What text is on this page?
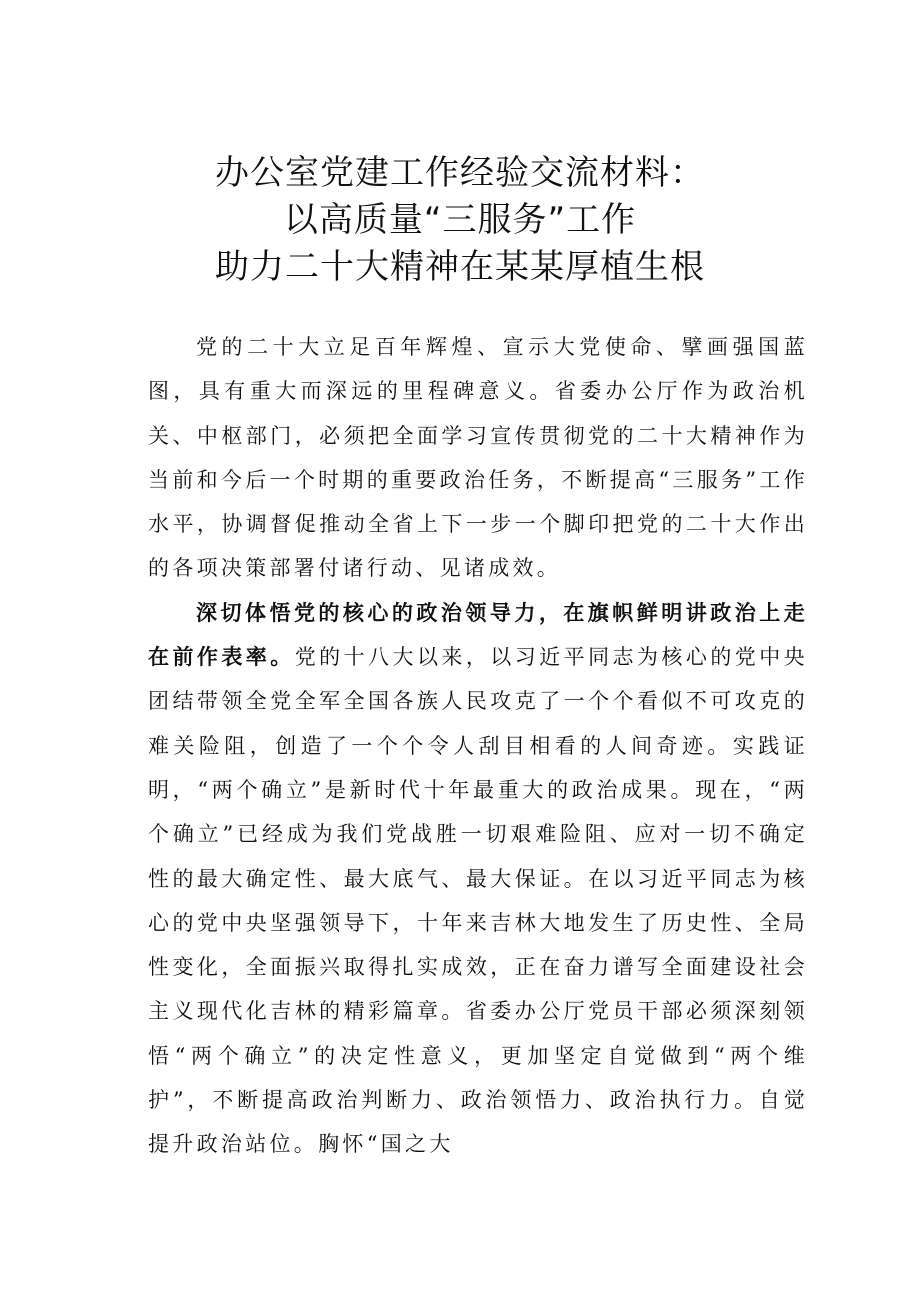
办公室党建工作经验交流材料：
以高质量“三服务”工作
助力二十大精神在某某厚植生根

党的二十大立足百年辉煌、宣示大党使命、擘画强国蓝图，具有重大而深远的里程碑意义。省委办公厅作为政治机关、中枢部门，必须把全面学习宣传贯彻党的二十大精神作为当前和今后一个时期的重要政治任务，不断提高“三服务”工作水平，协调督促推动全省上下一步一个脚印把党的二十大作出的各项决策部署付诸行动、见诸成效。

深切体悟党的核心的政治领导力，在旗帜鲜明讲政治上走在前作表率。党的十八大以来，以习近平同志为核心的党中央团结带领全党全军全国各族人民攻克了一个个看似不可攻克的难关险阻，创造了一个个令人刮目相看的人间奇迹。实践证明，“两个确立”是新时代十年最重大的政治成果。现在，“两个确立”已经成为我们党战胜一切艰难险阻、应对一切不确定性的最大确定性、最大底气、最大保证。在以习近平同志为核心的党中央坚强领导下，十年来吉林大地发生了历史性、全局性变化，全面振兴取得扎实成效，正在奋力谱写全面建设社会主义现代化吉林的精彩篇章。省委办公厅党员干部必须深刻领悟“两个确立”的决定性意义，更加坚定自觉做到“两个维护”，不断提高政治判断力、政治领悟力、政治执行力。自觉提升政治站位。胸怀“国之大
